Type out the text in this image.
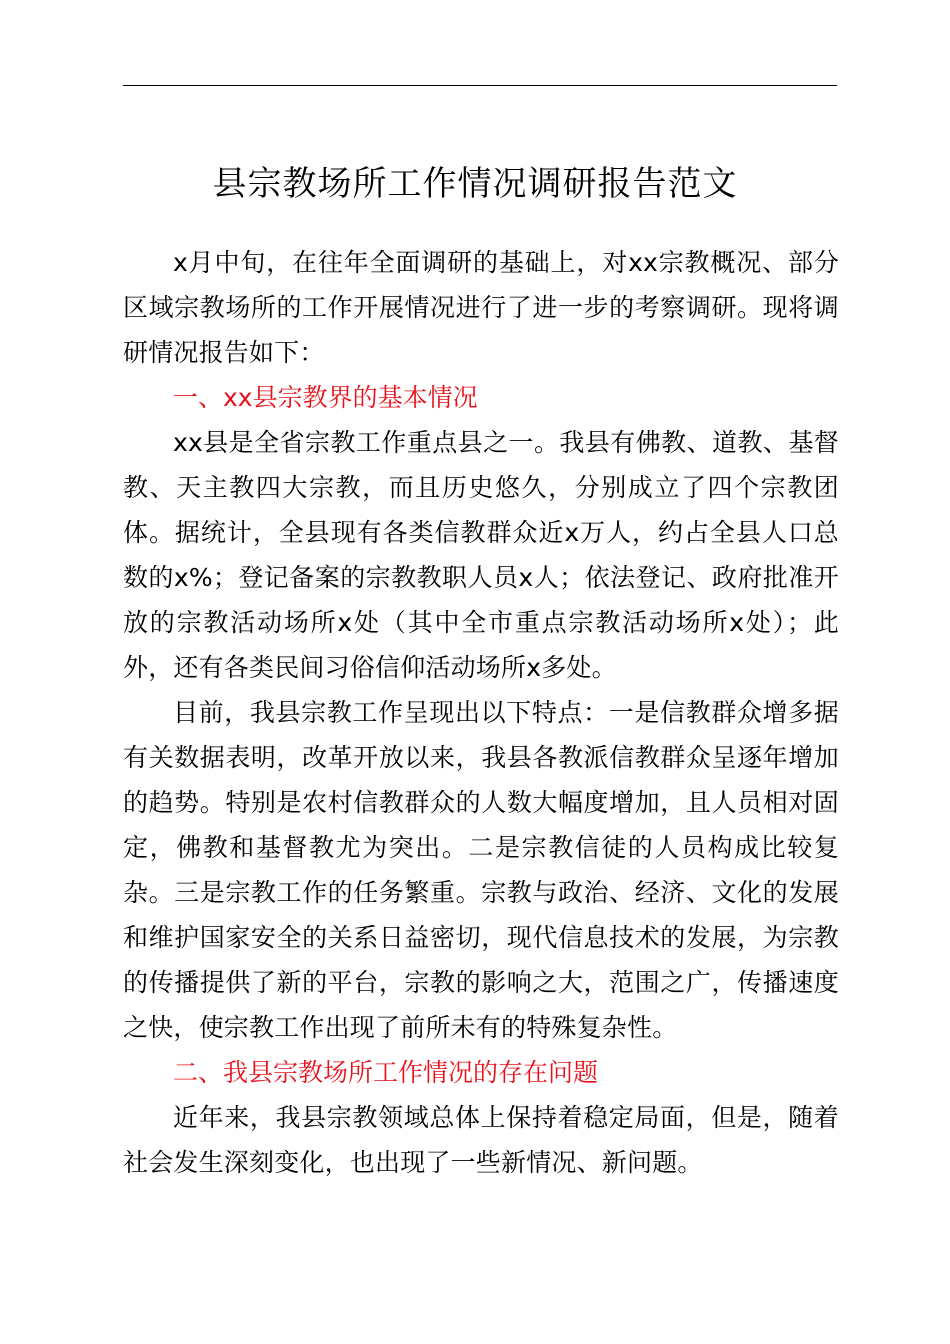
县宗教场所工作情况调研报告范文

x月中旬，在往年全面调研的基础上，对xx宗教概况、部分区域宗教场所的工作开展情况进行了进一步的考察调研。现将调研情况报告如下：

一、xx县宗教界的基本情况

xx县是全省宗教工作重点县之一。我县有佛教、道教、基督教、天主教四大宗教，而且历史悠久，分别成立了四个宗教团体。据统计，全县现有各类信教群众近x万人，约占全县人口总数的x%；登记备案的宗教教职人员x人；依法登记、政府批准开放的宗教活动场所x处（其中全市重点宗教活动场所x处）；此外，还有各类民间习俗信仰活动场所x多处。

目前，我县宗教工作呈现出以下特点：一是信教群众增多据有关数据表明，改革开放以来，我县各教派信教群众呈逐年增加的趋势。特别是农村信教群众的人数大幅度增加，且人员相对固定，佛教和基督教尤为突出。二是宗教信徒的人员构成比较复杂。三是宗教工作的任务繁重。宗教与政治、经济、文化的发展和维护国家安全的关系日益密切，现代信息技术的发展，为宗教的传播提供了新的平台，宗教的影响之大，范围之广，传播速度之快，使宗教工作出现了前所未有的特殊复杂性。

二、我县宗教场所工作情况的存在问题

近年来，我县宗教领域总体上保持着稳定局面，但是，随着社会发生深刻变化，也出现了一些新情况、新问题。
